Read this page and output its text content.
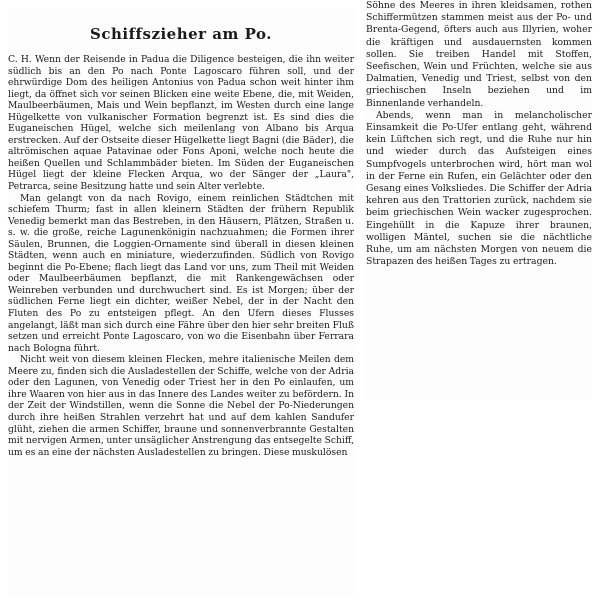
Schiffszieher am Po.

C. H. Wenn der Reisende in Padua die Diligence besteigen, die ihn weiter südlich bis an den Po nach Ponte Lagoscaro führen soll, und der ehrwürdige Dom des heiligen Antonius von Padua schon weit hinter ihm liegt, da öffnet sich vor seinen Blicken eine weite Ebene, die, mit Weiden, Maulbeerbäumen, Mais und Wein bepflanzt, im Westen durch eine lange Hügelkette von vulkanischer Formation begrenzt ist. Es sind dies die Euganeischen Hügel, welche sich meilenlang von Albano bis Arqua erstrecken. Auf der Ostseite dieser Hügelkette liegt Bagni (die Bäder), die altrömischen aquae Patavinae oder Fons Aponi, welche noch heute die heißen Quellen und Schlammbäder bieten. Im Süden der Euganeischen Hügel liegt der kleine Flecken Arqua, wo der Sänger der „Laura", Petrarca, seine Besitzung hatte und sein Alter verlebte.

Man gelangt von da nach Rovigo, einem reinlichen Städtchen mit schiefem Thurm; fast in allen kleinern Städten der frühern Republik Venedig bemerkt man das Bestreben, in den Häusern, Plätzen, Straßen u. s. w. die große, reiche Lagunenkönigin nachzuahmen; die Formen ihrer Säulen, Brunnen, die Loggien-Ornamente sind überall in diesen kleinen Städten, wenn auch en miniature, wiederzufinden. Südlich von Rovigo beginnt die Po-Ebene; flach liegt das Land vor uns, zum Theil mit Weiden oder Maulbeerbäumen bepflanzt, die mit Rankengewächsen oder Weinreben verbunden und durchwuchert sind. Es ist Morgen; über der südlichen Ferne liegt ein dichter, weißer Nebel, der in der Nacht den Fluten des Po zu entsteigen pflegt. An den Ufern dieses Flusses angelangt, läßt man sich durch eine Fähre über den hier sehr breiten Fluß setzen und erreicht Ponte Lagoscaro, von wo die Eisenbahn über Ferrara nach Bologna führt.

Nicht weit von diesem kleinen Flecken, mehre italienische Meilen dem Meere zu, finden sich die Ausladestellen der Schiffe, welche von der Adria oder den Lagunen, von Venedig oder Triest her in den Po einlaufen, um ihre Waaren von hier aus in das Innere des Landes weiter zu befördern. In der Zeit der Windstillen, wenn die Sonne die Nebel der Po-Niederungen durch ihre heißen Strahlen verzehrt hat und auf dem kahlen Sandufer glüht, ziehen die armen Schiffer, braune und sonnenverbrannte Gestalten mit nervigen Armen, unter unsäglicher Anstrengung das entsegelte Schiff, um es an eine der nächsten Ausladestellen zu bringen. Diese muskulösen

Söhne des Meeres in ihren kleidsamen, rothen Schiffermützen stammen meist aus der Po- und Brenta-Gegend, öfters auch aus Illyrien, woher die kräftigen und ausdauernsten kommen sollen. Sie treiben Handel mit Stoffen, Seefischen, Wein und Früchten, welche sie aus Dalmatien, Venedig und Triest, selbst von den griechischen Inseln beziehen und im Binnenlande verhandeln.

Abends, wenn man in melancholischer Einsamkeit die Po-Ufer entlang geht, während kein Lüftchen sich regt, und die Ruhe nur hin und wieder durch das Aufsteigen eines Sumpfvogels unterbrochen wird, hört man wol in der Ferne ein Rufen, ein Gelächter oder den Gesang eines Volksliedes. Die Schiffer der Adria kehren aus den Trattorien zurück, nachdem sie beim griechischen Wein wacker zugesprochen. Eingehüllt in die Kapuze ihrer braunen, wolligen Mäntel, suchen sie die nächtliche Ruhe, um am nächsten Morgen von neuem die Strapazen des heißen Tages zu ertragen.
